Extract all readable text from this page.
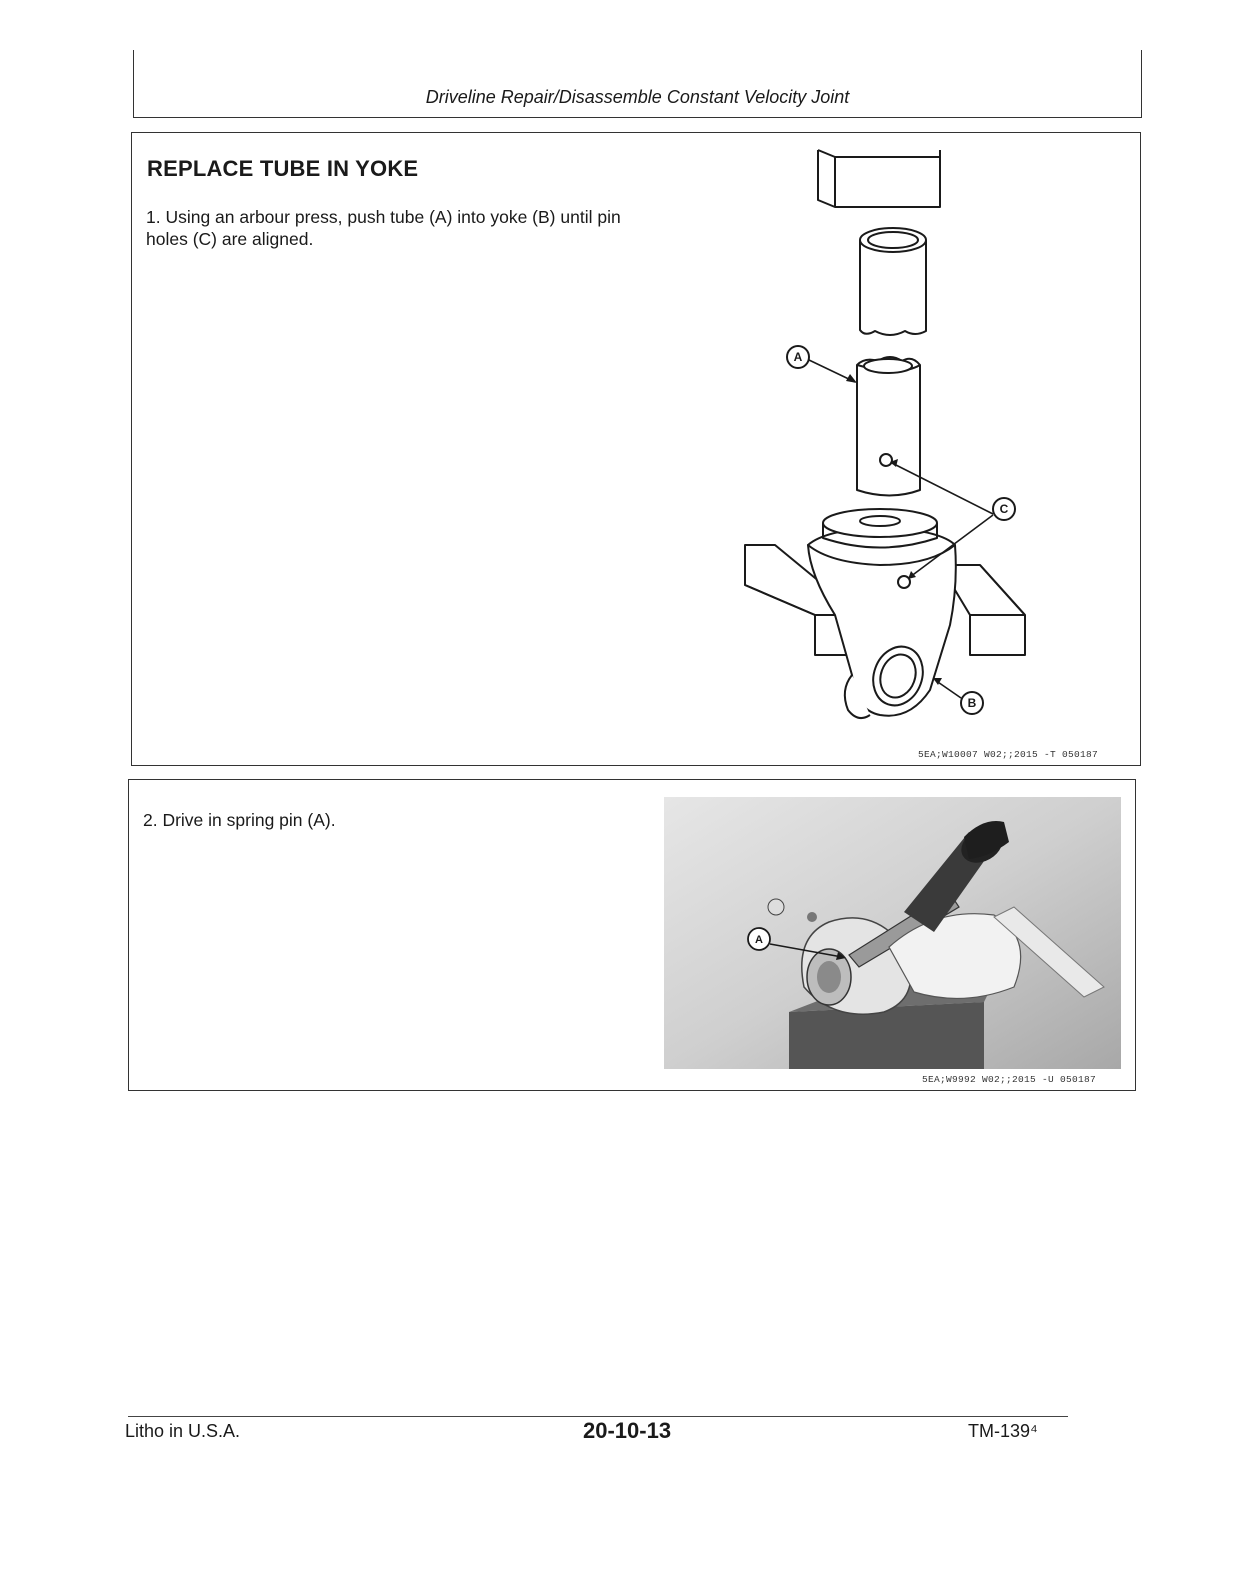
Driveline Repair/Disassemble Constant Velocity Joint
REPLACE TUBE IN YOKE
1. Using an arbour press, push tube (A) into yoke (B) until pin holes (C) are aligned.
A
B
C
5EA;W10007 W02;;2015 -T 050187
2. Drive in spring pin (A).
A
5EA;W9992 W02;;2015 -U 050187
Litho in U.S.A.	20-10-13	TM-139⁴
